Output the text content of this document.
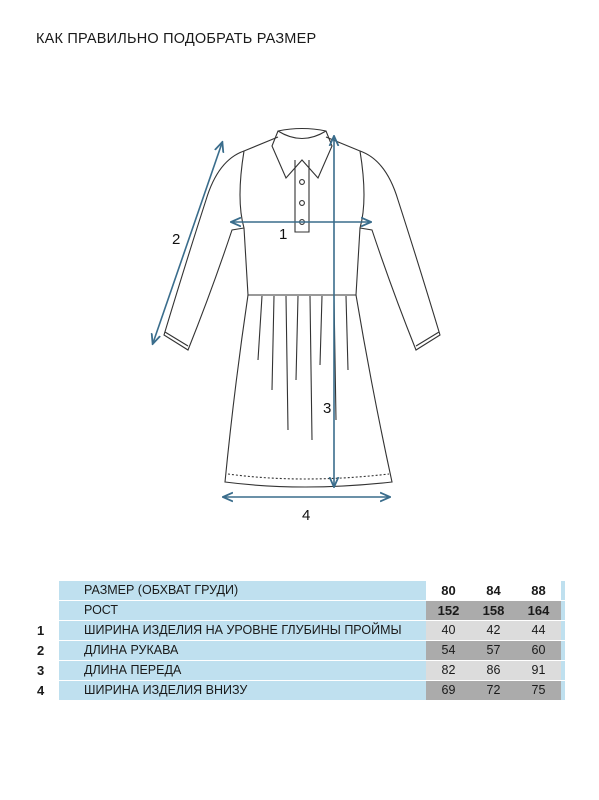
КАК ПРАВИЛЬНО ПОДОБРАТЬ РАЗМЕР
1
2
3
4
	РАЗМЕР (ОБХВАТ ГРУДИ)		80	84	88	
	РОСТ		152	158	164	
1	ШИРИНА ИЗДЕЛИЯ НА УРОВНЕ ГЛУБИНЫ ПРОЙМЫ		40	42	44	
2	ДЛИНА РУКАВА		54	57	60	
3	ДЛИНА ПЕРЕДА		82	86	91	
4	ШИРИНА ИЗДЕЛИЯ ВНИЗУ		69	72	75	
